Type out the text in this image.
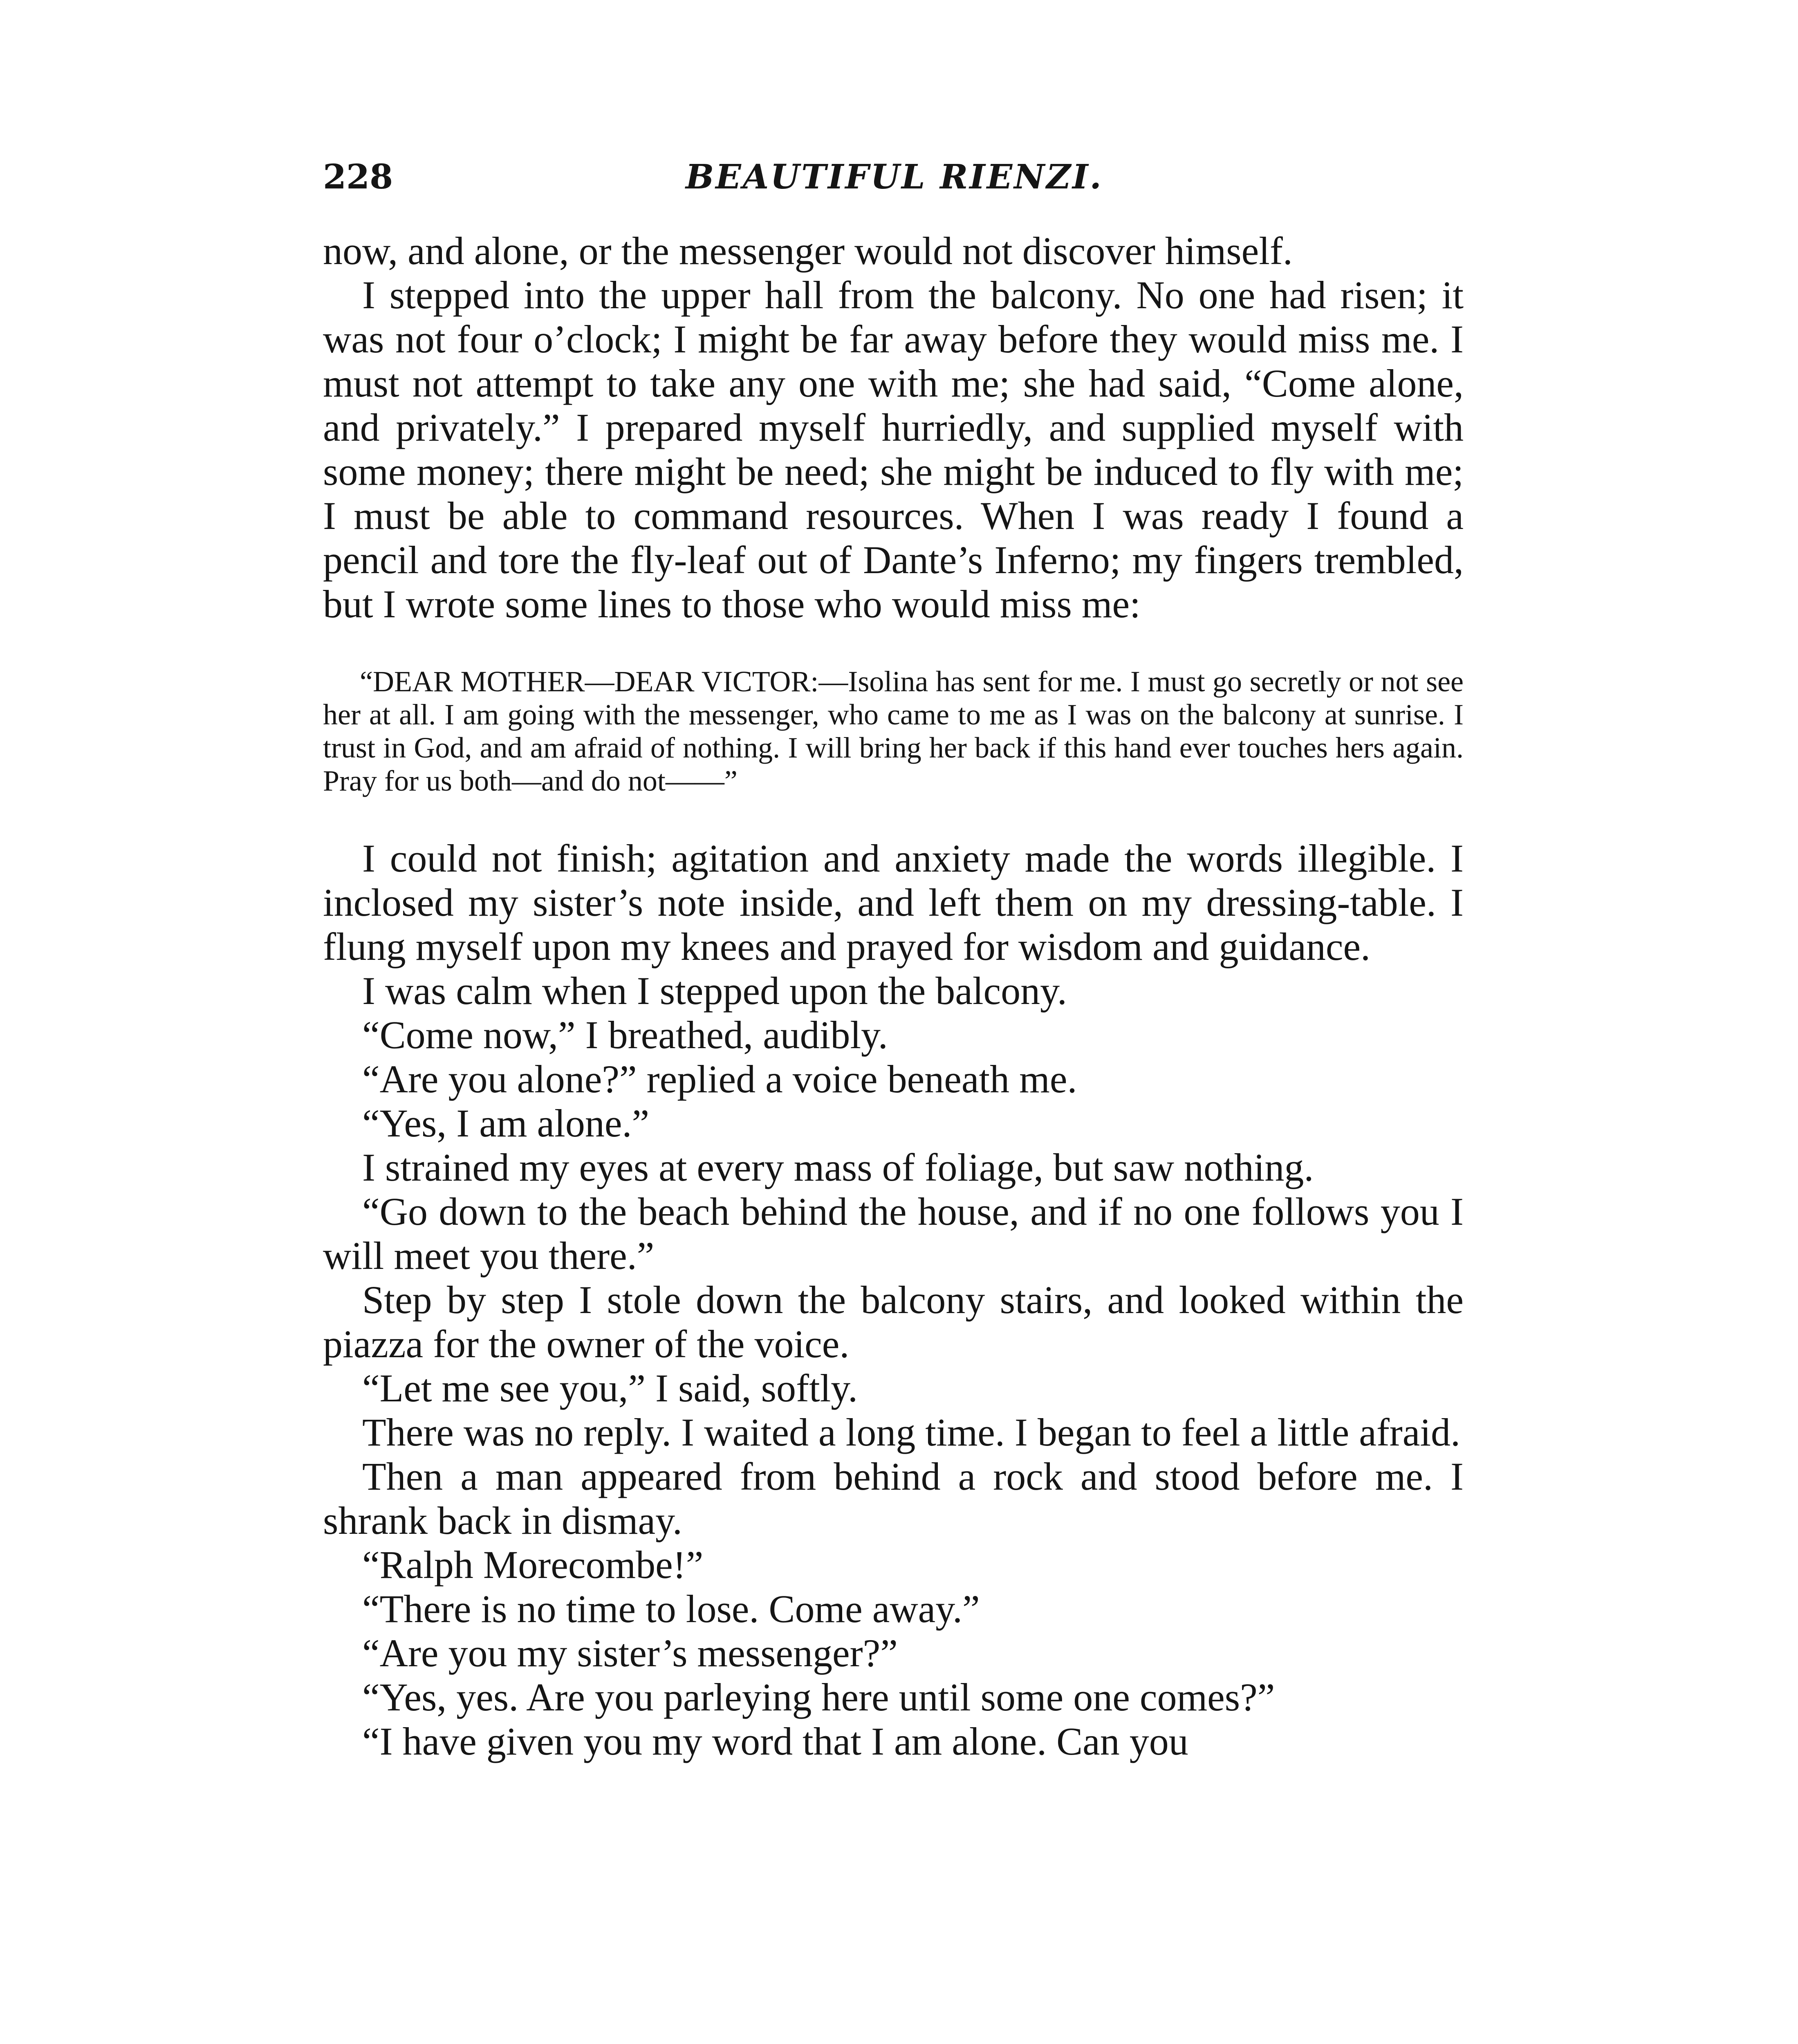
228	BEAUTIFUL RIENZI.

now, and alone, or the messenger would not discover himself.

I stepped into the upper hall from the balcony. No one had risen; it was not four o’clock; I might be far away before they would miss me. I must not attempt to take any one with me; she had said, “Come alone, and privately.” I prepared myself hurriedly, and supplied myself with some money; there might be need; she might be induced to fly with me; I must be able to command resources. When I was ready I found a pencil and tore the fly-leaf out of Dante’s Inferno; my fingers trembled, but I wrote some lines to those who would miss me:

“DEAR MOTHER—DEAR VICTOR:—Isolina has sent for me. I must go secretly or not see her at all. I am going with the messenger, who came to me as I was on the balcony at sunrise. I trust in God, and am afraid of nothing. I will bring her back if this hand ever touches hers again. Pray for us both—and do not——”

I could not finish; agitation and anxiety made the words illegible. I inclosed my sister’s note inside, and left them on my dressing-table. I flung myself upon my knees and prayed for wisdom and guidance.

I was calm when I stepped upon the balcony.

“Come now,” I breathed, audibly.

“Are you alone?” replied a voice beneath me.

“Yes, I am alone.”

I strained my eyes at every mass of foliage, but saw nothing.

“Go down to the beach behind the house, and if no one follows you I will meet you there.”

Step by step I stole down the balcony stairs, and looked within the piazza for the owner of the voice.

“Let me see you,” I said, softly.

There was no reply. I waited a long time. I began to feel a little afraid.

Then a man appeared from behind a rock and stood before me. I shrank back in dismay.

“Ralph Morecombe!”

“There is no time to lose. Come away.”

“Are you my sister’s messenger?”

“Yes, yes. Are you parleying here until some one comes?”

“I have given you my word that I am alone. Can you
